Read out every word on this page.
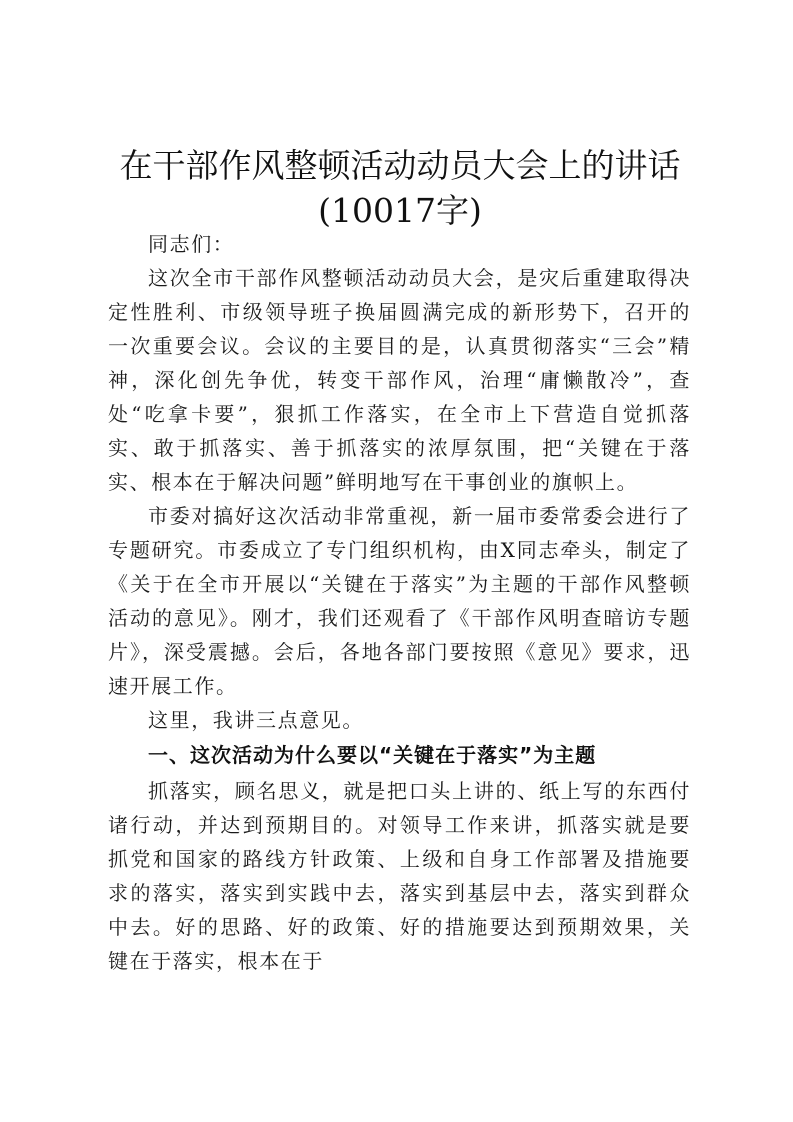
在干部作风整顿活动动员大会上的讲话(10017字)

同志们：

这次全市干部作风整顿活动动员大会，是灾后重建取得决定性胜利、市级领导班子换届圆满完成的新形势下，召开的一次重要会议。会议的主要目的是，认真贯彻落实“三会”精神，深化创先争优，转变干部作风，治理“庸懒散冷”，查处“吃拿卡要”，狠抓工作落实，在全市上下营造自觉抓落实、敢于抓落实、善于抓落实的浓厚氛围，把“关键在于落实、根本在于解决问题”鲜明地写在干事创业的旗帜上。

市委对搞好这次活动非常重视，新一届市委常委会进行了专题研究。市委成立了专门组织机构，由X同志牵头，制定了《关于在全市开展以“关键在于落实”为主题的干部作风整顿活动的意见》。刚才，我们还观看了《干部作风明查暗访专题片》，深受震撼。会后，各地各部门要按照《意见》要求，迅速开展工作。

这里，我讲三点意见。

一、这次活动为什么要以“关键在于落实”为主题

抓落实，顾名思义，就是把口头上讲的、纸上写的东西付诸行动，并达到预期目的。对领导工作来讲，抓落实就是要抓党和国家的路线方针政策、上级和自身工作部署及措施要求的落实，落实到实践中去，落实到基层中去，落实到群众中去。好的思路、好的政策、好的措施要达到预期效果，关键在于落实，根本在于
